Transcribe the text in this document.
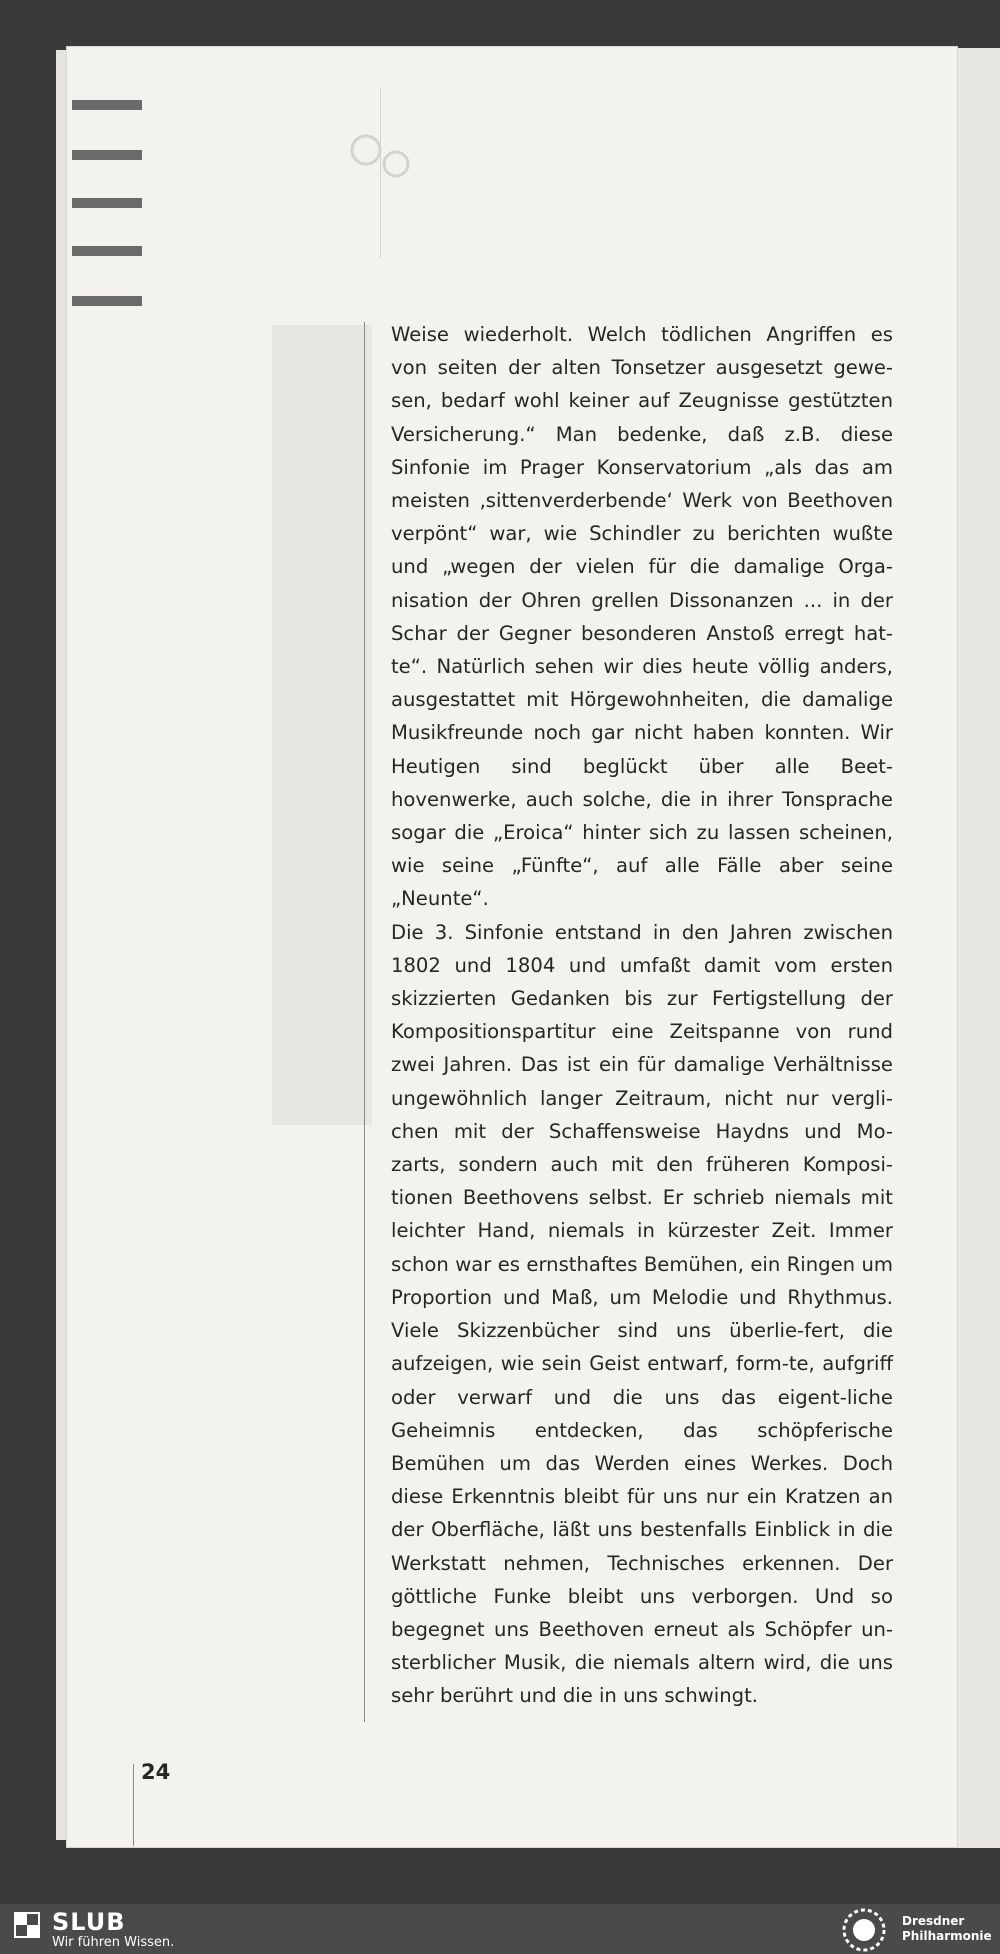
Weise wiederholt. Welch tödlichen Angriffen es von seiten der alten Tonsetzer ausgesetzt gewe-sen, bedarf wohl keiner auf Zeugnisse gestützten Versicherung.“ Man bedenke, daß z.B. diese Sinfonie im Prager Konservatorium „als das am meisten ‚sittenverderbende‘ Werk von Beethoven verpönt“ war, wie Schindler zu berichten wußte und „wegen der vielen für die damalige Orga-nisation der Ohren grellen Dissonanzen ... in der Schar der Gegner besonderen Anstoß erregt hat-te“. Natürlich sehen wir dies heute völlig anders, ausgestattet mit Hörgewohnheiten, die damalige Musikfreunde noch gar nicht haben konnten. Wir Heutigen sind beglückt über alle Beet-hovenwerke, auch solche, die in ihrer Tonsprache sogar die „Eroica“ hinter sich zu lassen scheinen, wie seine „Fünfte“, auf alle Fälle aber seine „Neunte“.

Die 3. Sinfonie entstand in den Jahren zwischen 1802 und 1804 und umfaßt damit vom ersten skizzierten Gedanken bis zur Fertigstellung der Kompositionspartitur eine Zeitspanne von rund zwei Jahren. Das ist ein für damalige Verhältnisse ungewöhnlich langer Zeitraum, nicht nur vergli-chen mit der Schaffensweise Haydns und Mo-zarts, sondern auch mit den früheren Komposi-tionen Beethovens selbst. Er schrieb niemals mit leichter Hand, niemals in kürzester Zeit. Immer schon war es ernsthaftes Bemühen, ein Ringen um Proportion und Maß, um Melodie und Rhythmus. Viele Skizzenbücher sind uns überlie-fert, die aufzeigen, wie sein Geist entwarf, form-te, aufgriff oder verwarf und die uns das eigent-liche Geheimnis entdecken, das schöpferische Bemühen um das Werden eines Werkes. Doch diese Erkenntnis bleibt für uns nur ein Kratzen an der Oberfläche, läßt uns bestenfalls Einblick in die Werkstatt nehmen, Technisches erkennen. Der göttliche Funke bleibt uns verborgen. Und so begegnet uns Beethoven erneut als Schöpfer un-sterblicher Musik, die niemals altern wird, die uns sehr berührt und die in uns schwingt.

24
SLUB
Wir führen Wissen.
Dresdner
Philharmonie
